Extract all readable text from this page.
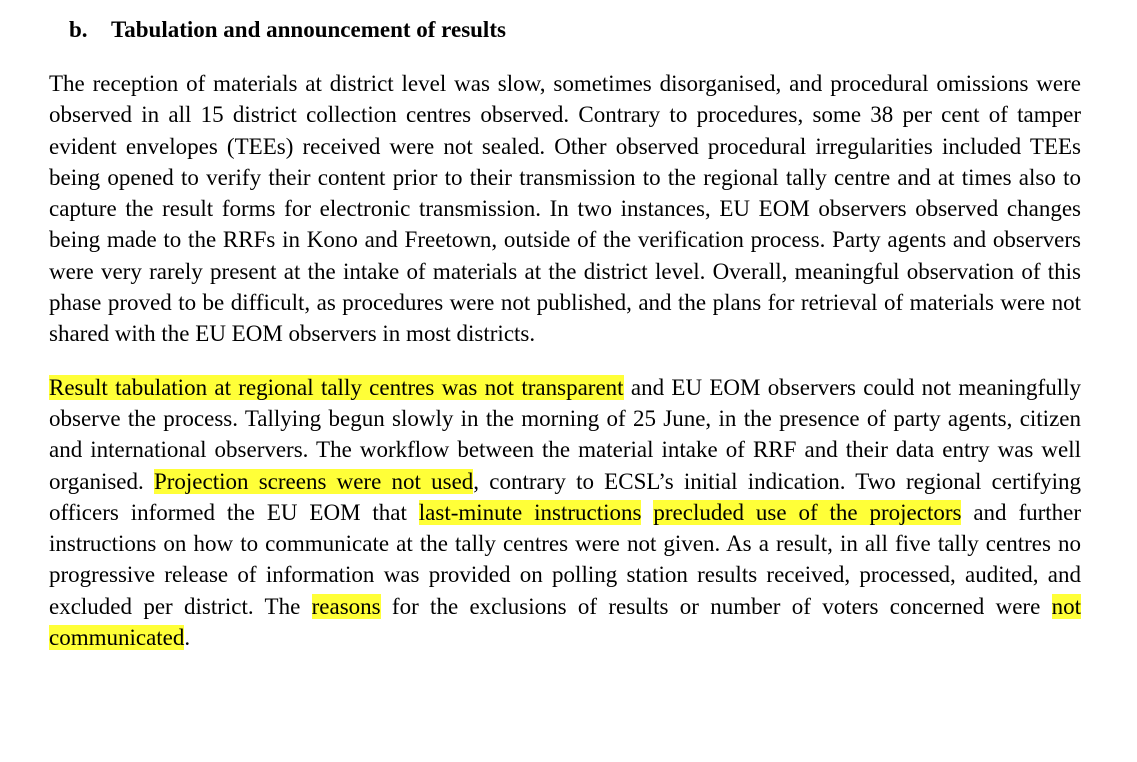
b. Tabulation and announcement of results

The reception of materials at district level was slow, sometimes disorganised, and procedural omissions were observed in all 15 district collection centres observed. Contrary to procedures, some 38 per cent of tamper evident envelopes (TEEs) received were not sealed. Other observed procedural irregularities included TEEs being opened to verify their content prior to their transmission to the regional tally centre and at times also to capture the result forms for electronic transmission. In two instances, EU EOM observers observed changes being made to the RRFs in Kono and Freetown, outside of the verification process. Party agents and observers were very rarely present at the intake of materials at the district level. Overall, meaningful observation of this phase proved to be difficult, as procedures were not published, and the plans for retrieval of materials were not shared with the EU EOM observers in most districts.

Result tabulation at regional tally centres was not transparent and EU EOM observers could not meaningfully observe the process. Tallying begun slowly in the morning of 25 June, in the presence of party agents, citizen and international observers. The workflow between the material intake of RRF and their data entry was well organised. Projection screens were not used, contrary to ECSL’s initial indication. Two regional certifying officers informed the EU EOM that last-minute instructions precluded use of the projectors and further instructions on how to communicate at the tally centres were not given. As a result, in all five tally centres no progressive release of information was provided on polling station results received, processed, audited, and excluded per district. The reasons for the exclusions of results or number of voters concerned were not communicated.
